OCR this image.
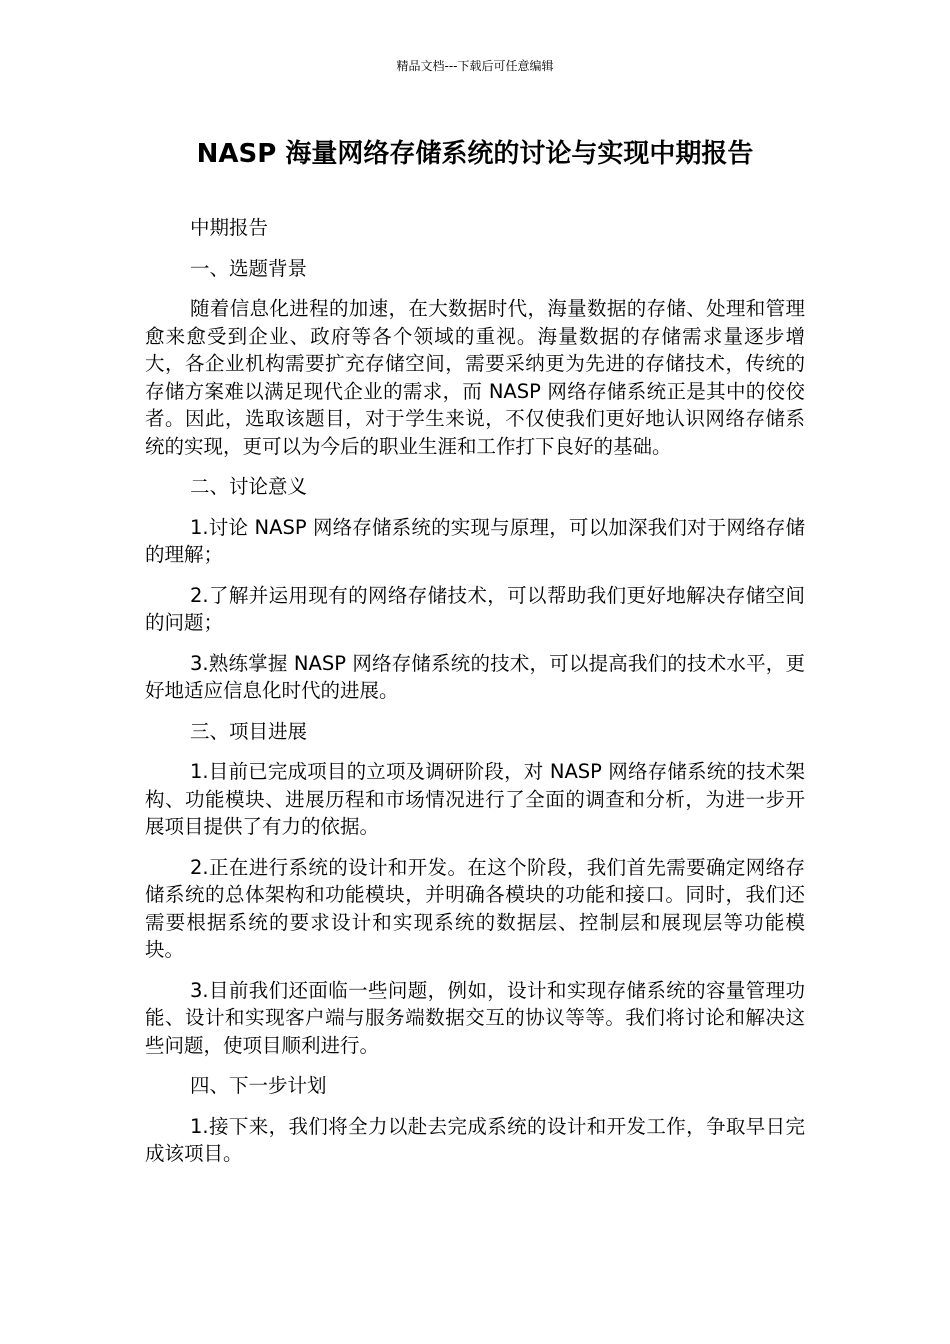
精品文档---下载后可任意编辑
NASP 海量网络存储系统的讨论与实现中期报告

中期报告

一、选题背景

随着信息化进程的加速，在大数据时代，海量数据的存储、处理和管理愈来愈受到企业、政府等各个领域的重视。海量数据的存储需求量逐步增大，各企业机构需要扩充存储空间，需要采纳更为先进的存储技术，传统的存储方案难以满足现代企业的需求，而 NASP 网络存储系统正是其中的佼佼者。因此，选取该题目，对于学生来说，不仅使我们更好地认识网络存储系统的实现，更可以为今后的职业生涯和工作打下良好的基础。

二、讨论意义

1.讨论 NASP 网络存储系统的实现与原理，可以加深我们对于网络存储的理解；

2.了解并运用现有的网络存储技术，可以帮助我们更好地解决存储空间的问题；

3.熟练掌握 NASP 网络存储系统的技术，可以提高我们的技术水平，更好地适应信息化时代的进展。

三、项目进展

1.目前已完成项目的立项及调研阶段，对 NASP 网络存储系统的技术架构、功能模块、进展历程和市场情况进行了全面的调查和分析，为进一步开展项目提供了有力的依据。

2.正在进行系统的设计和开发。在这个阶段，我们首先需要确定网络存储系统的总体架构和功能模块，并明确各模块的功能和接口。同时，我们还需要根据系统的要求设计和实现系统的数据层、控制层和展现层等功能模块。

3.目前我们还面临一些问题，例如，设计和实现存储系统的容量管理功能、设计和实现客户端与服务端数据交互的协议等等。我们将讨论和解决这些问题，使项目顺利进行。

四、下一步计划

1.接下来，我们将全力以赴去完成系统的设计和开发工作，争取早日完成该项目。
